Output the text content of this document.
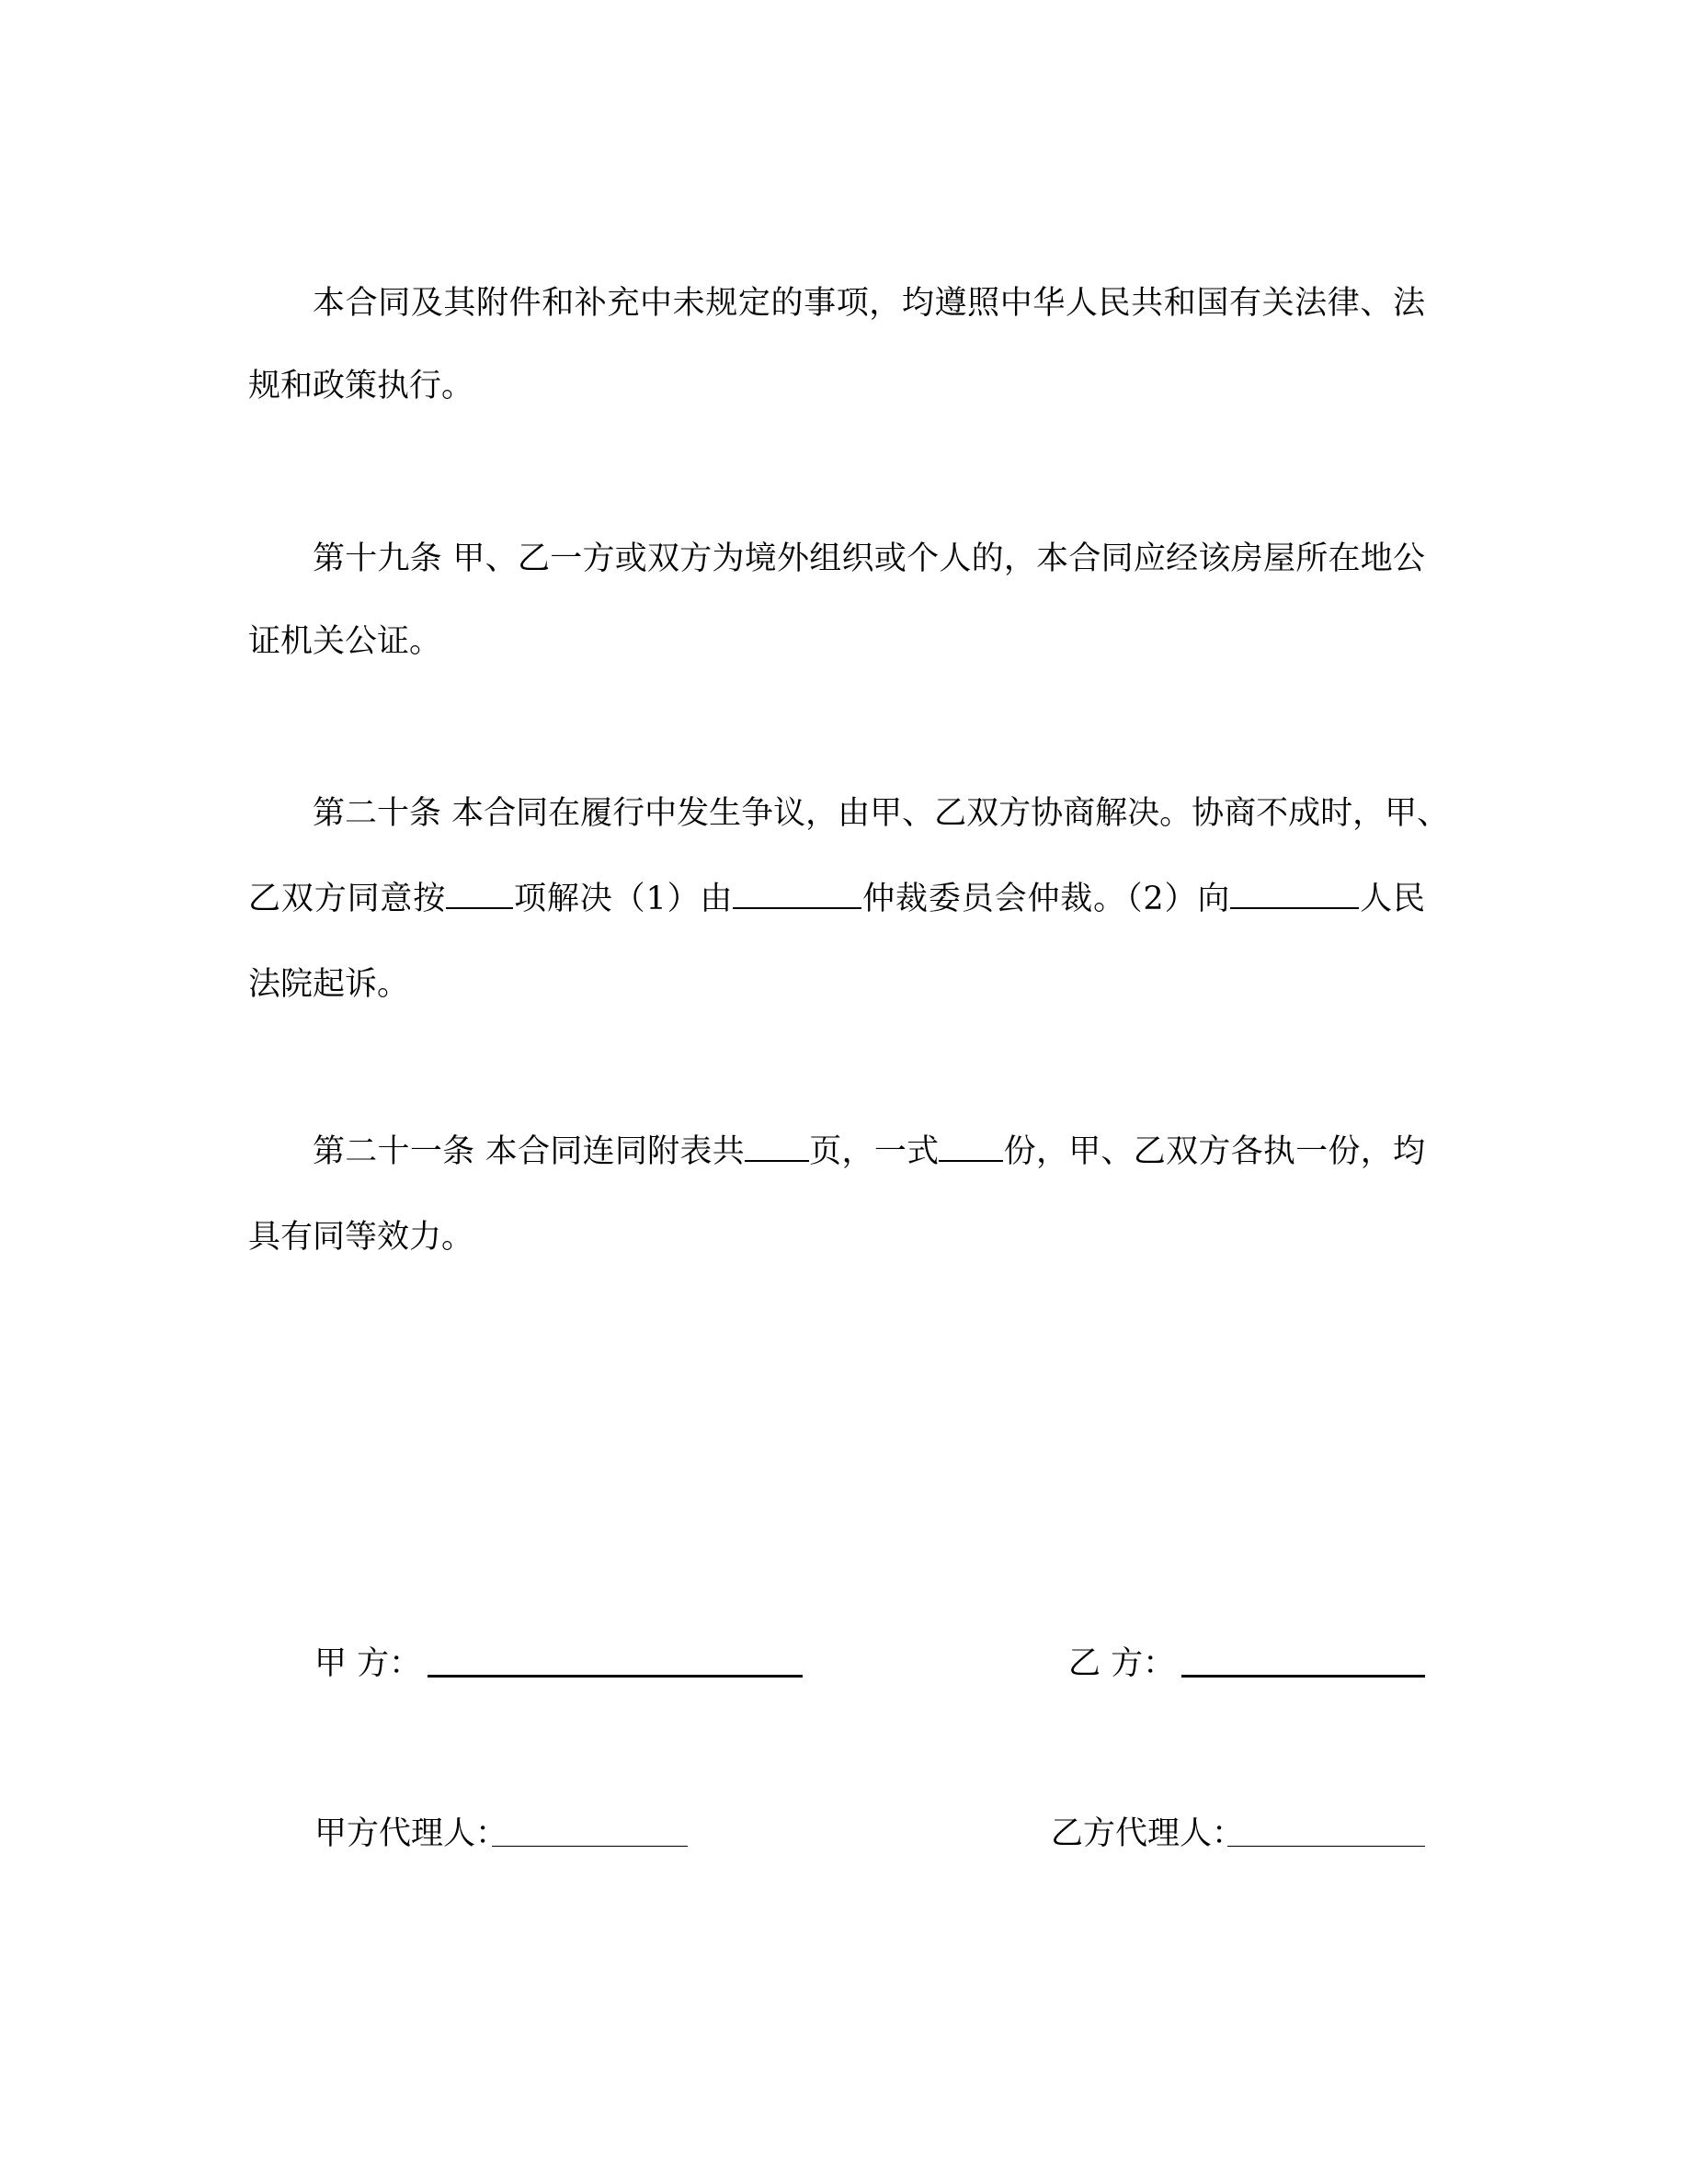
本合同及其附件和补充中未规定的事项，均遵照中华人民共和国有关法律、法
规和政策执行。
第十九条 甲、乙一方或双方为境外组织或个人的，本合同应经该房屋所在地公
证机关公证。
第二十条 本合同在履行中发生争议，由甲、乙双方协商解决。协商不成时，甲、
乙双方同意按 项解决（1）由	仲裁委员会仲裁。（2）向	人民
法院起诉。
第二十一条 本合同连同附表共 页，一式 份，甲、乙双方各执一份，均
具有同等效力。
甲 方：	乙 方：
甲方代理人：	乙方代理人：
